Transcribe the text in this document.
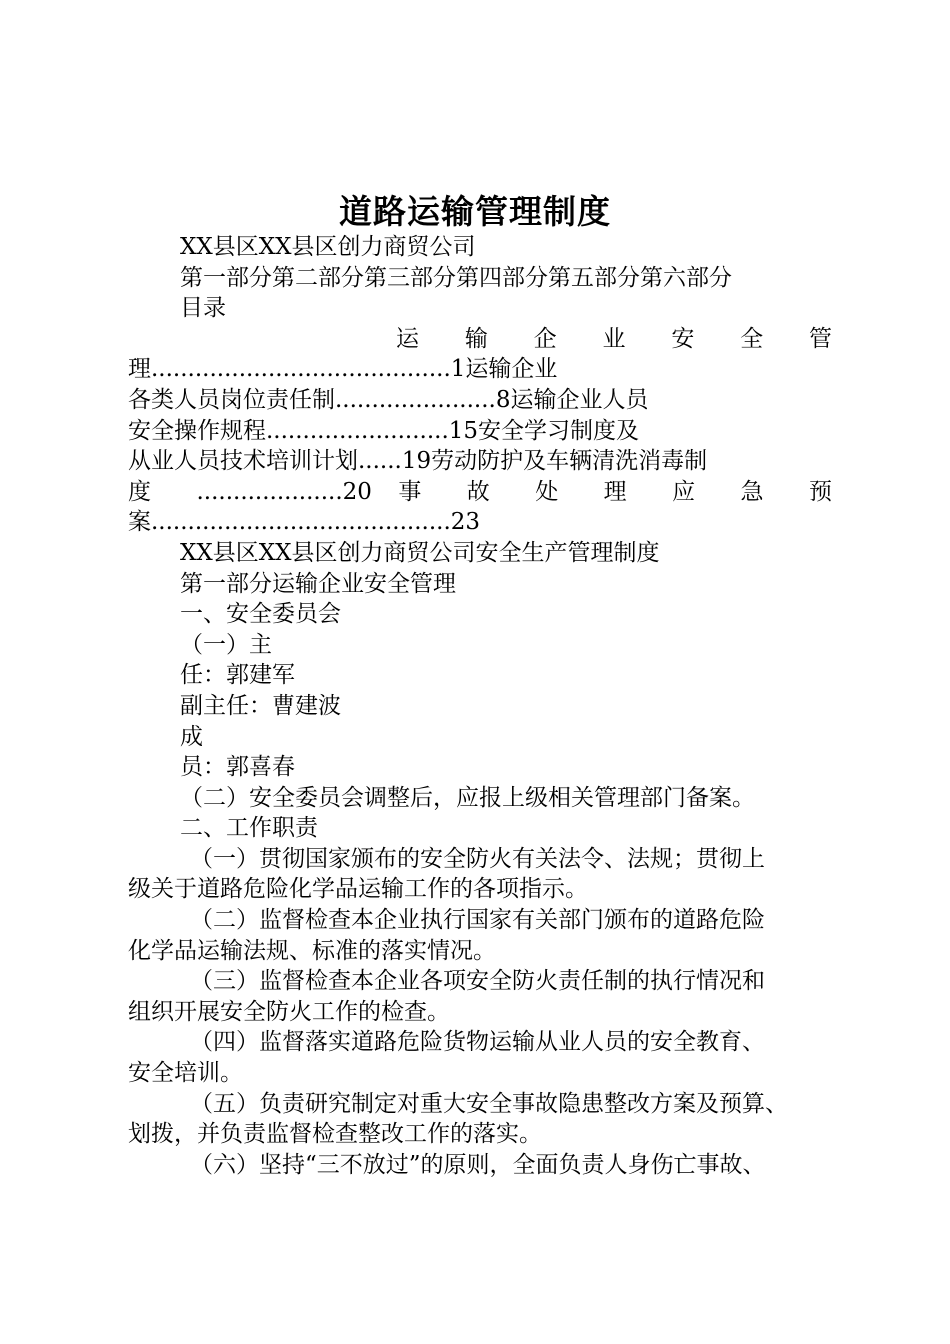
道路运输管理制度
XX县区XX县区创力商贸公司
第一部分第二部分第三部分第四部分第五部分第六部分
目录
运 输 企 业 安 全 管
理.........................................1运输企业
各类人员岗位责任制......................8运输企业人员
安全操作规程.........................15安全学习制度及
从业人员技术培训计划......19劳动防护及车辆清洗消毒制
度 ....................20 事 故 处 理 应 急 预
案.........................................23
XX县区XX县区创力商贸公司安全生产管理制度
第一部分运输企业安全管理
一、安全委员会
（一）主
任：郭建军
副主任：曹建波
成
员：郭喜春
（二）安全委员会调整后，应报上级相关管理部门备案。
二、工作职责
（一）贯彻国家颁布的安全防火有关法令、法规；贯彻上
级关于道路危险化学品运输工作的各项指示。
（二）监督检查本企业执行国家有关部门颁布的道路危险
化学品运输法规、标准的落实情况。
（三）监督检查本企业各项安全防火责任制的执行情况和
组织开展安全防火工作的检查。
（四）监督落实道路危险货物运输从业人员的安全教育、
安全培训。
（五）负责研究制定对重大安全事故隐患整改方案及预算、
划拨，并负责监督检查整改工作的落实。
（六）坚持“三不放过”的原则，全面负责人身伤亡事故、
